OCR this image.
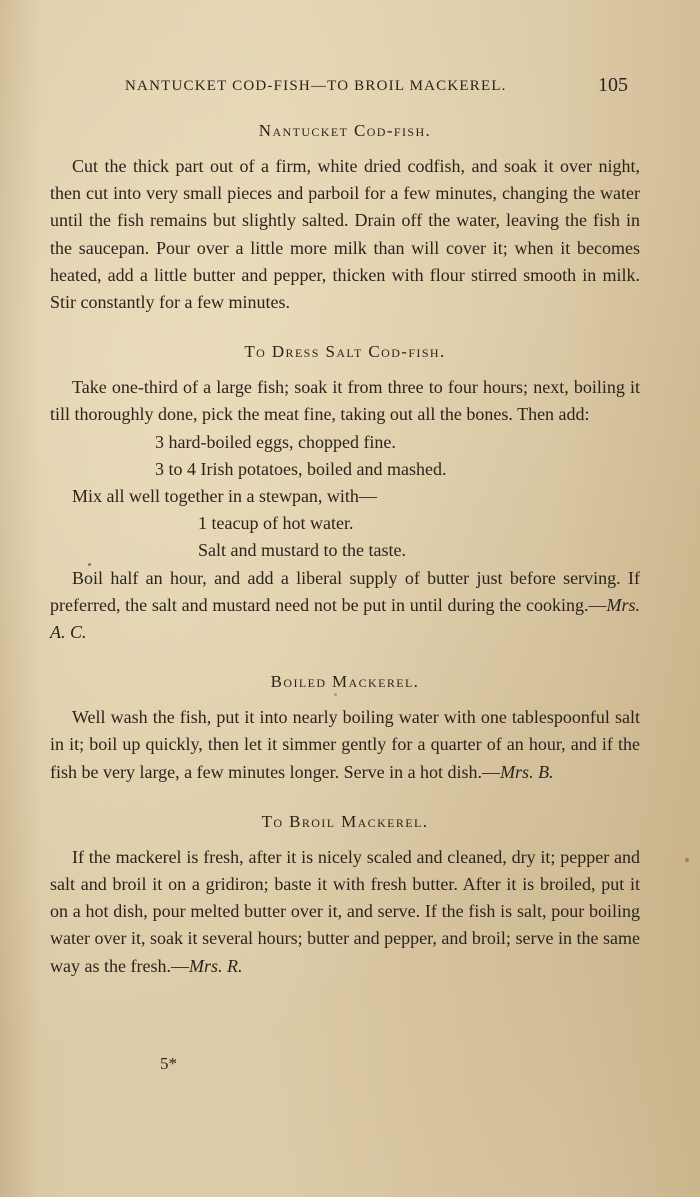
NANTUCKET COD-FISH—TO BROIL MACKEREL.	105
Nantucket Cod-fish.

Cut the thick part out of a firm, white dried codfish, and soak it over night, then cut into very small pieces and parboil for a few minutes, changing the water until the fish remains but slightly salted. Drain off the water, leaving the fish in the saucepan. Pour over a little more milk than will cover it; when it becomes heated, add a little butter and pepper, thicken with flour stirred smooth in milk. Stir constantly for a few minutes.

To Dress Salt Cod-fish.

Take one-third of a large fish; soak it from three to four hours; next, boiling it till thoroughly done, pick the meat fine, taking out all the bones. Then add:

3 hard-boiled eggs, chopped fine.

3 to 4 Irish potatoes, boiled and mashed.

Mix all well together in a stewpan, with—

1 teacup of hot water.

Salt and mustard to the taste.

Boil half an hour, and add a liberal supply of butter just before serving. If preferred, the salt and mustard need not be put in until during the cooking.—Mrs. A. C.

Boiled Mackerel.

Well wash the fish, put it into nearly boiling water with one tablespoonful salt in it; boil up quickly, then let it simmer gently for a quarter of an hour, and if the fish be very large, a few minutes longer. Serve in a hot dish.—Mrs. B.

To Broil Mackerel.

If the mackerel is fresh, after it is nicely scaled and cleaned, dry it; pepper and salt and broil it on a gridiron; baste it with fresh butter. After it is broiled, put it on a hot dish, pour melted butter over it, and serve. If the fish is salt, pour boiling water over it, soak it several hours; butter and pepper, and broil; serve in the same way as the fresh.—Mrs. R.

5*
